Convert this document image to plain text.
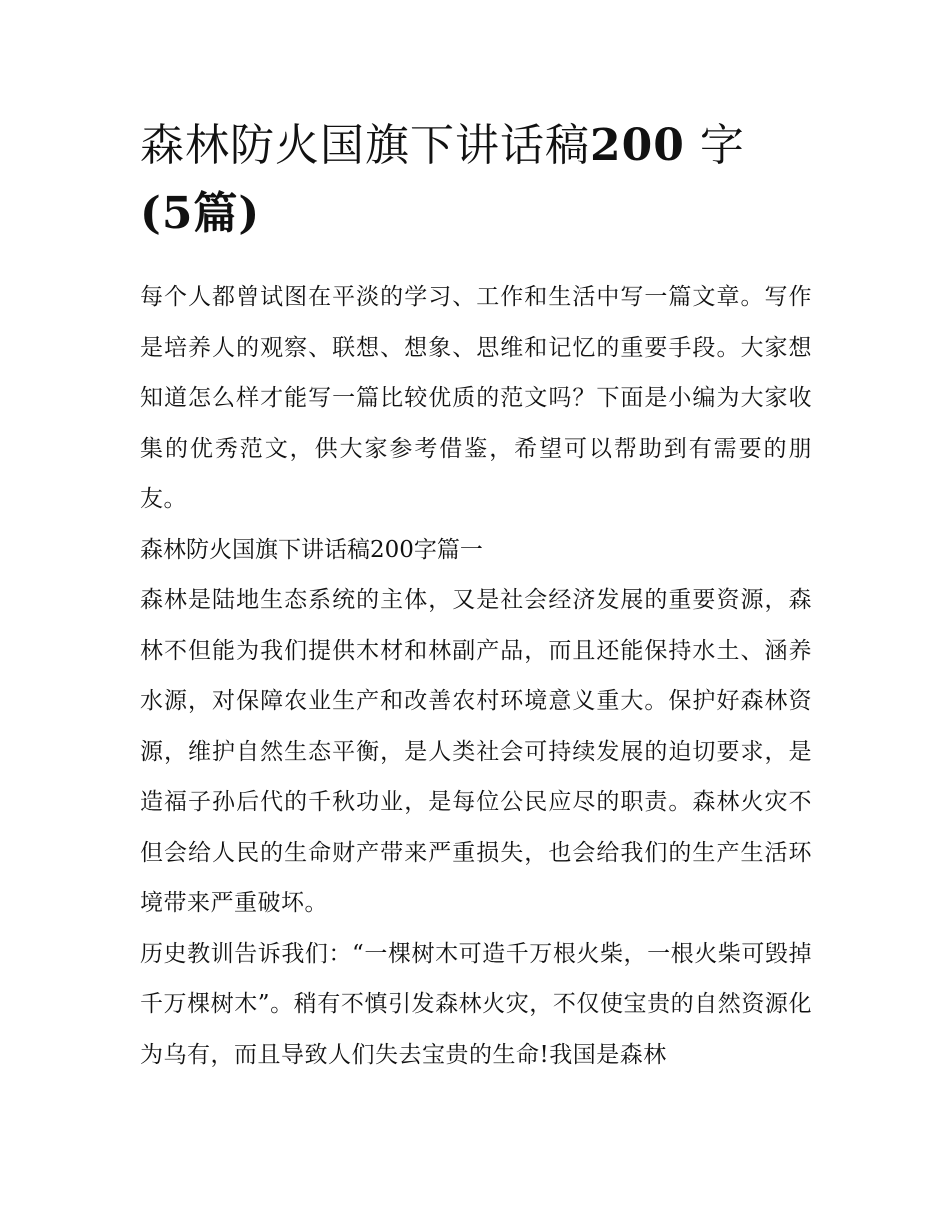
森林防火国旗下讲话稿200 字
(5篇)

每个人都曾试图在平淡的学习、工作和生活中写一篇文章。写作是培养人的观察、联想、想象、思维和记忆的重要手段。大家想知道怎么样才能写一篇比较优质的范文吗？下面是小编为大家收集的优秀范文，供大家参考借鉴，希望可以帮助到有需要的朋友。

森林防火国旗下讲话稿200字篇一

森林是陆地生态系统的主体，又是社会经济发展的重要资源，森林不但能为我们提供木材和林副产品，而且还能保持水土、涵养水源，对保障农业生产和改善农村环境意义重大。保护好森林资源，维护自然生态平衡，是人类社会可持续发展的迫切要求，是造福子孙后代的千秋功业，是每位公民应尽的职责。森林火灾不但会给人民的生命财产带来严重损失，也会给我们的生产生活环境带来严重破坏。

历史教训告诉我们：“一棵树木可造千万根火柴，一根火柴可毁掉千万棵树木”。稍有不慎引发森林火灾，不仅使宝贵的自然资源化为乌有，而且导致人们失去宝贵的生命!我国是森林
